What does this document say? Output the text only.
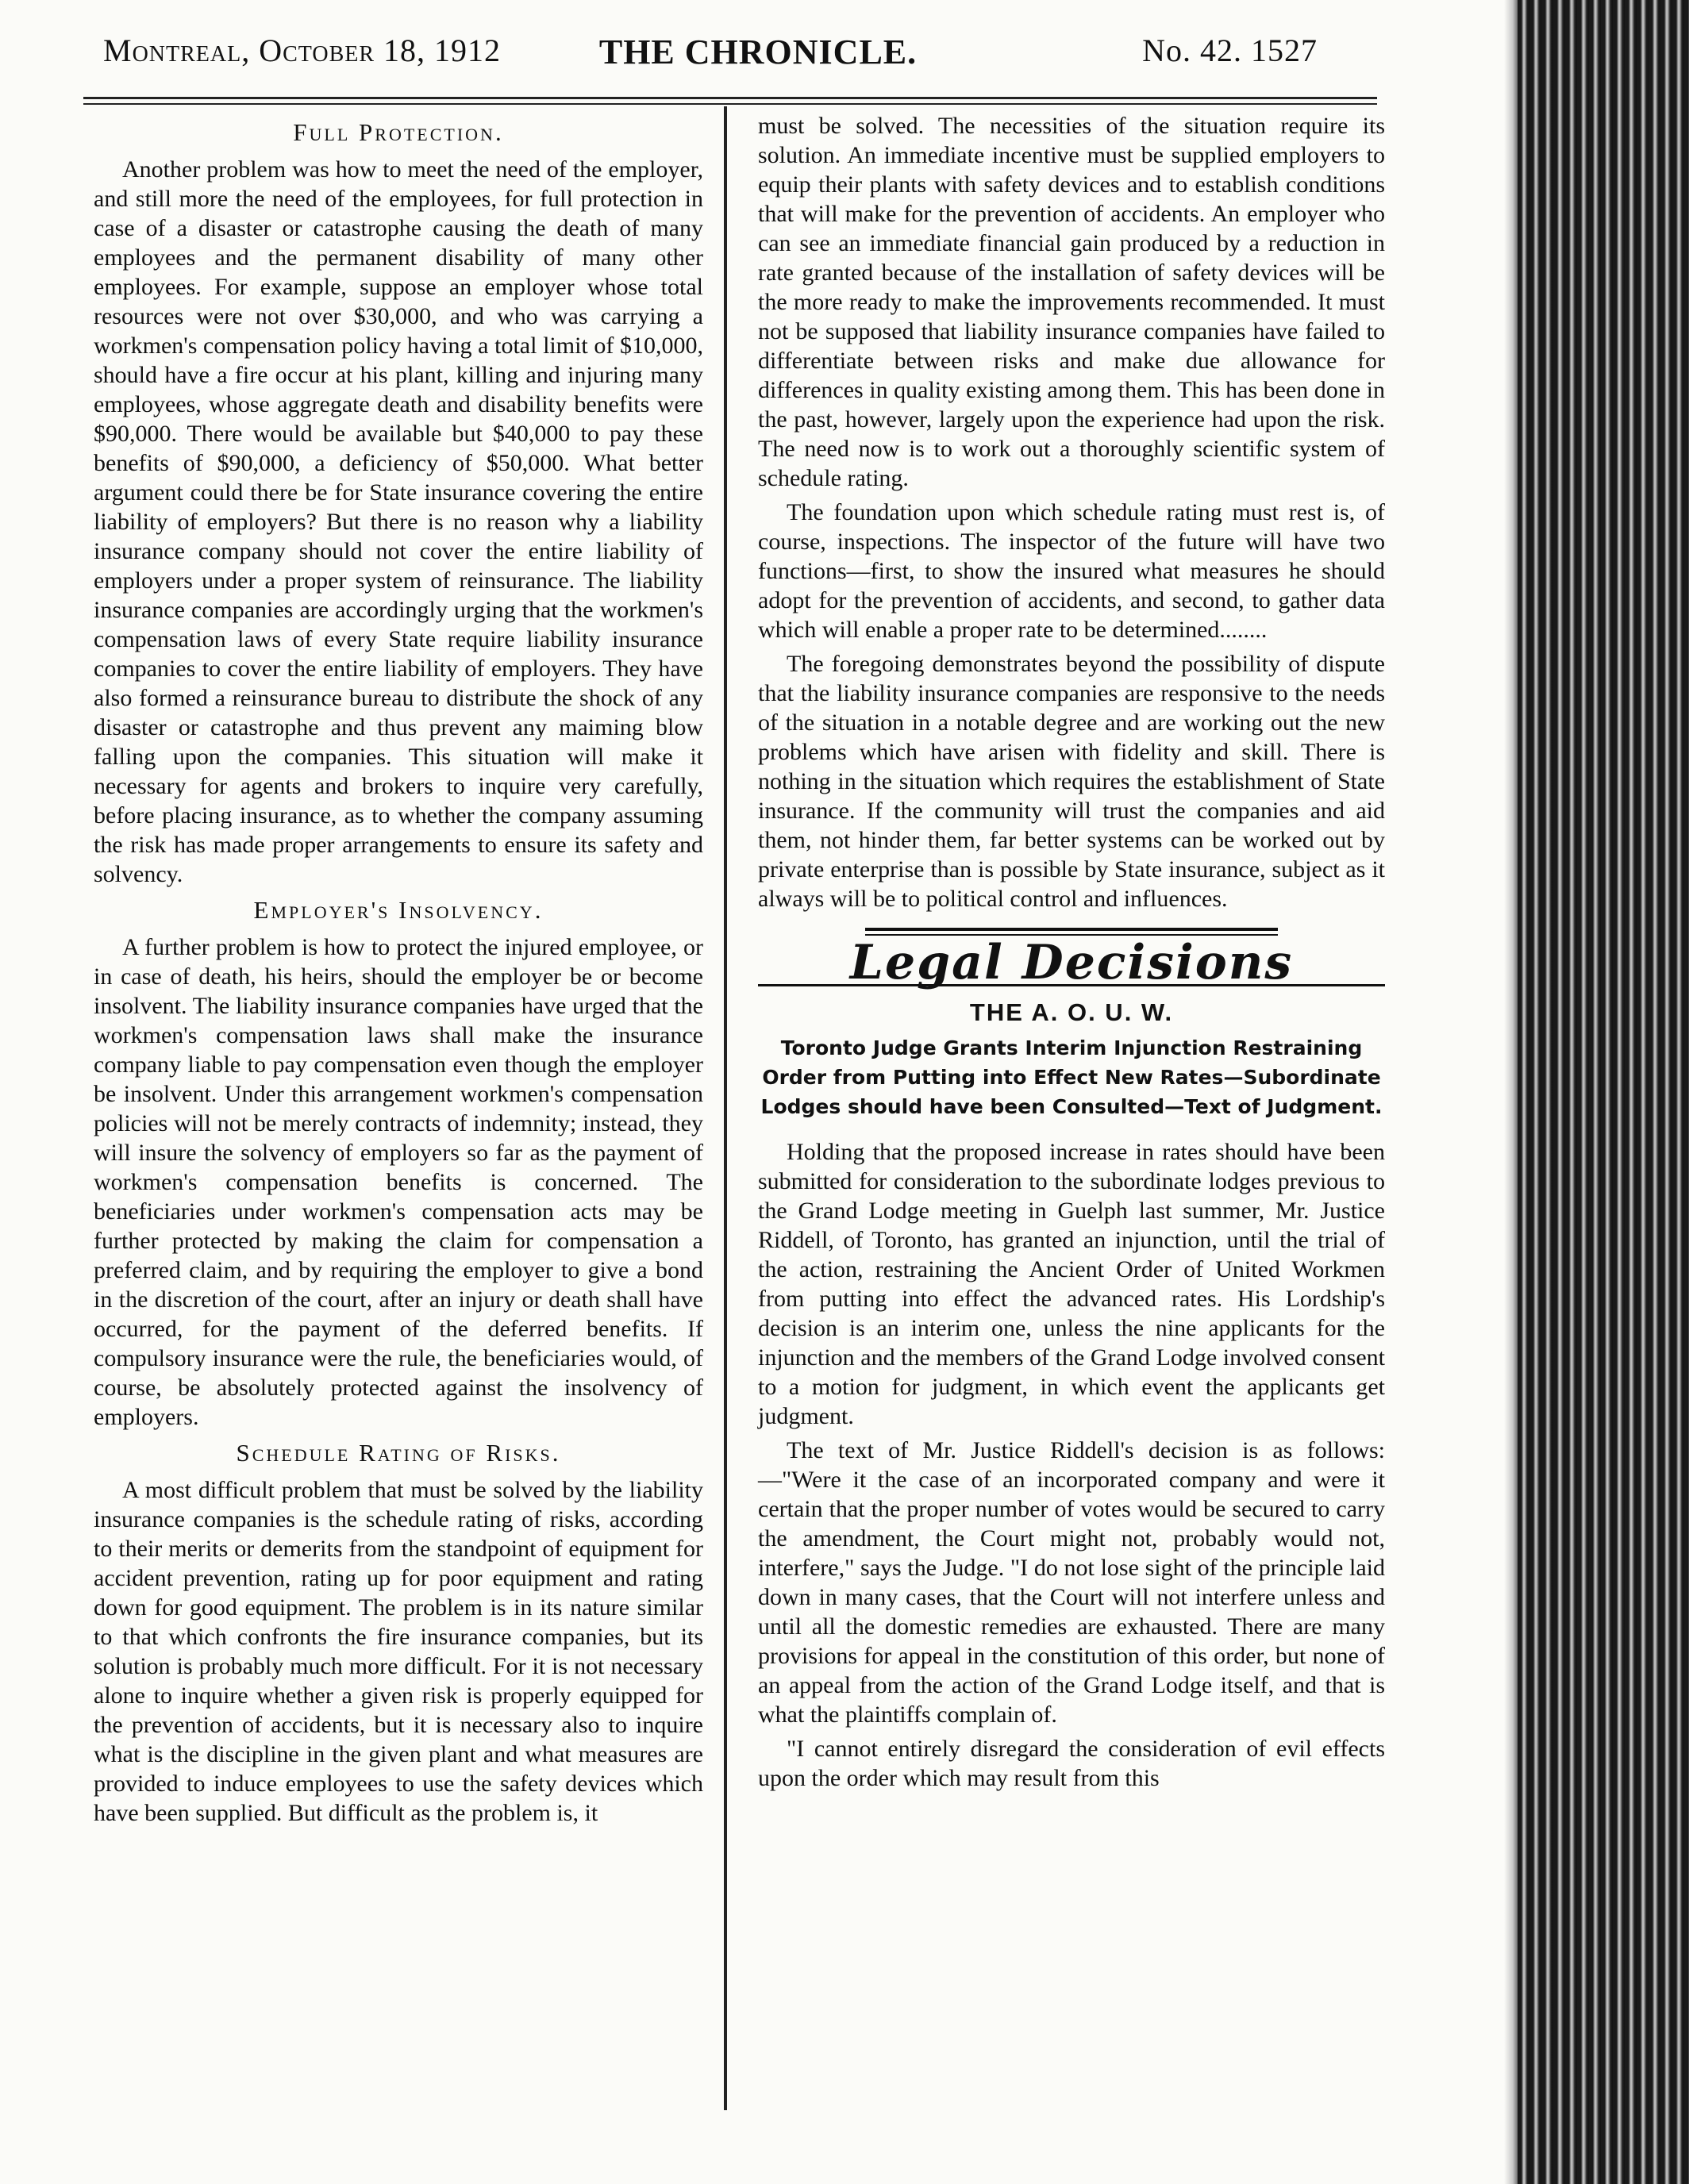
Montreal, October 18, 1912	THE CHRONICLE.	No. 42. 1527
Full Protection.

Another problem was how to meet the need of the employer, and still more the need of the employees, for full protection in case of a disaster or catastrophe causing the death of many employees and the permanent disability of many other employees. For example, suppose an employer whose total resources were not over $30,000, and who was carrying a workmen's compensation policy having a total limit of $10,000, should have a fire occur at his plant, killing and injuring many employees, whose aggregate death and disability benefits were $90,000. There would be available but $40,000 to pay these benefits of $90,000, a deficiency of $50,000. What better argument could there be for State insurance covering the entire liability of employers? But there is no reason why a liability insurance company should not cover the entire liability of employers under a proper system of reinsurance. The liability insurance companies are accordingly urging that the workmen's compensation laws of every State require liability insurance companies to cover the entire liability of employers. They have also formed a reinsurance bureau to distribute the shock of any disaster or catastrophe and thus prevent any maiming blow falling upon the companies. This situation will make it necessary for agents and brokers to inquire very carefully, before placing insurance, as to whether the company assuming the risk has made proper arrangements to ensure its safety and solvency.

Employer's Insolvency.

A further problem is how to protect the injured employee, or in case of death, his heirs, should the employer be or become insolvent. The liability insurance companies have urged that the workmen's compensation laws shall make the insurance company liable to pay compensation even though the employer be insolvent. Under this arrangement workmen's compensation policies will not be merely contracts of indemnity; instead, they will insure the solvency of employers so far as the payment of workmen's compensation benefits is concerned. The beneficiaries under workmen's compensation acts may be further protected by making the claim for compensation a preferred claim, and by requiring the employer to give a bond in the discretion of the court, after an injury or death shall have occurred, for the payment of the deferred benefits. If compulsory insurance were the rule, the beneficiaries would, of course, be absolutely protected against the insolvency of employers.

Schedule Rating of Risks.

A most difficult problem that must be solved by the liability insurance companies is the schedule rating of risks, according to their merits or demerits from the standpoint of equipment for accident prevention, rating up for poor equipment and rating down for good equipment. The problem is in its nature similar to that which confronts the fire insurance companies, but its solution is probably much more difficult. For it is not necessary alone to inquire whether a given risk is properly equipped for the prevention of accidents, but it is necessary also to inquire what is the discipline in the given plant and what measures are provided to induce employees to use the safety devices which have been supplied. But difficult as the problem is, it

must be solved. The necessities of the situation require its solution. An immediate incentive must be supplied employers to equip their plants with safety devices and to establish conditions that will make for the prevention of accidents. An employer who can see an immediate financial gain produced by a reduction in rate granted because of the installation of safety devices will be the more ready to make the improvements recommended. It must not be supposed that liability insurance companies have failed to differentiate between risks and make due allowance for differences in quality existing among them. This has been done in the past, however, largely upon the experience had upon the risk. The need now is to work out a thoroughly scientific system of schedule rating.

The foundation upon which schedule rating must rest is, of course, inspections. The inspector of the future will have two functions—first, to show the insured what measures he should adopt for the prevention of accidents, and second, to gather data which will enable a proper rate to be determined........

The foregoing demonstrates beyond the possibility of dispute that the liability insurance companies are responsive to the needs of the situation in a notable degree and are working out the new problems which have arisen with fidelity and skill. There is nothing in the situation which requires the establishment of State insurance. If the community will trust the companies and aid them, not hinder them, far better systems can be worked out by private enterprise than is possible by State insurance, subject as it always will be to political control and influences.

Legal Decisions
THE A. O. U. W.
Toronto Judge Grants Interim Injunction Restraining Order from Putting into Effect New Rates—Subordinate Lodges should have been Consulted—Text of Judgment.

Holding that the proposed increase in rates should have been submitted for consideration to the subordinate lodges previous to the Grand Lodge meeting in Guelph last summer, Mr. Justice Riddell, of Toronto, has granted an injunction, until the trial of the action, restraining the Ancient Order of United Workmen from putting into effect the advanced rates. His Lordship's decision is an interim one, unless the nine applicants for the injunction and the members of the Grand Lodge involved consent to a motion for judgment, in which event the applicants get judgment.

The text of Mr. Justice Riddell's decision is as follows:—"Were it the case of an incorporated company and were it certain that the proper number of votes would be secured to carry the amendment, the Court might not, probably would not, interfere," says the Judge. "I do not lose sight of the principle laid down in many cases, that the Court will not interfere unless and until all the domestic remedies are exhausted. There are many provisions for appeal in the constitution of this order, but none of an appeal from the action of the Grand Lodge itself, and that is what the plaintiffs complain of.

"I cannot entirely disregard the consideration of evil effects upon the order which may result from this
